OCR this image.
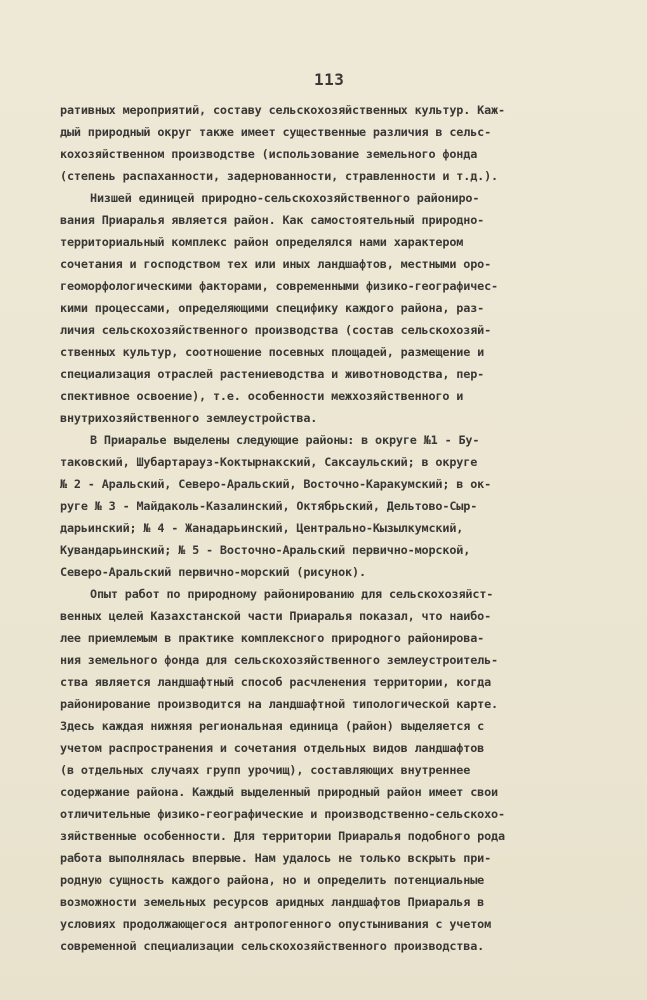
113
ративных мероприятий, составу сельскохозяйственных культур. Каж-
дый природный округ также имеет существенные различия в сельс-
кохозяйственном производстве (использование земельного фонда
(степень распаханности, задернованности, стравленности и т.д.).
Низшей единицей природно-сельскохозяйственного райониро-
вания Приаралья является район. Как самостоятельный природно-
территориальный комплекс район определялся нами характером
сочетания и господством тех или иных ландшафтов, местными оро-
геоморфологическими факторами, современными физико-географичес-
кими процессами, определяющими специфику каждого района, раз-
личия сельскохозяйственного производства (состав сельскохозяй-
ственных культур, соотношение посевных площадей, размещение и
специализация отраслей растениеводства и животноводства, пер-
спективное освоение), т.е. особенности межхозяйственного и
внутрихозяйственного землеустройства.
В Приаралье выделены следующие районы: в округе №1 - Бу-
таковский, Шубартарауз-Коктырнакский, Саксаульский; в округе
№ 2 - Аральский, Северо-Аральский, Восточно-Каракумский; в ок-
руге № 3 - Майдаколь-Казалинский, Октябрьский, Дельтово-Сыр-
дарьинский; № 4 - Жанадарьинский, Центрально-Кызылкумский,
Кувандарьинский; № 5 - Восточно-Аральский первично-морской,
Северо-Аральский первично-морский (рисунок).
Опыт работ по природному районированию для сельскохозяйст-
венных целей Казахстанской части Приаралья показал, что наибо-
лее приемлемым в практике комплексного природного районирова-
ния земельного фонда для сельскохозяйственного землеустроитель-
ства является ландшафтный способ расчленения территории, когда
районирование производится на ландшафтной типологической карте.
Здесь каждая нижняя региональная единица (район) выделяется с
учетом распространения и сочетания отдельных видов ландшафтов
(в отдельных случаях групп урочищ), составляющих внутреннее
содержание района. Каждый выделенный природный район имеет свои
отличительные физико-географические и производственно-сельскохо-
зяйственные особенности. Для территории Приаралья подобного рода
работа выполнялась впервые. Нам удалось не только вскрыть при-
родную сущность каждого района, но и определить потенциальные
возможности земельных ресурсов аридных ландшафтов Приаралья в
условиях продолжающегося антропогенного опустынивания с учетом
современной специализации сельскохозяйственного производства.
